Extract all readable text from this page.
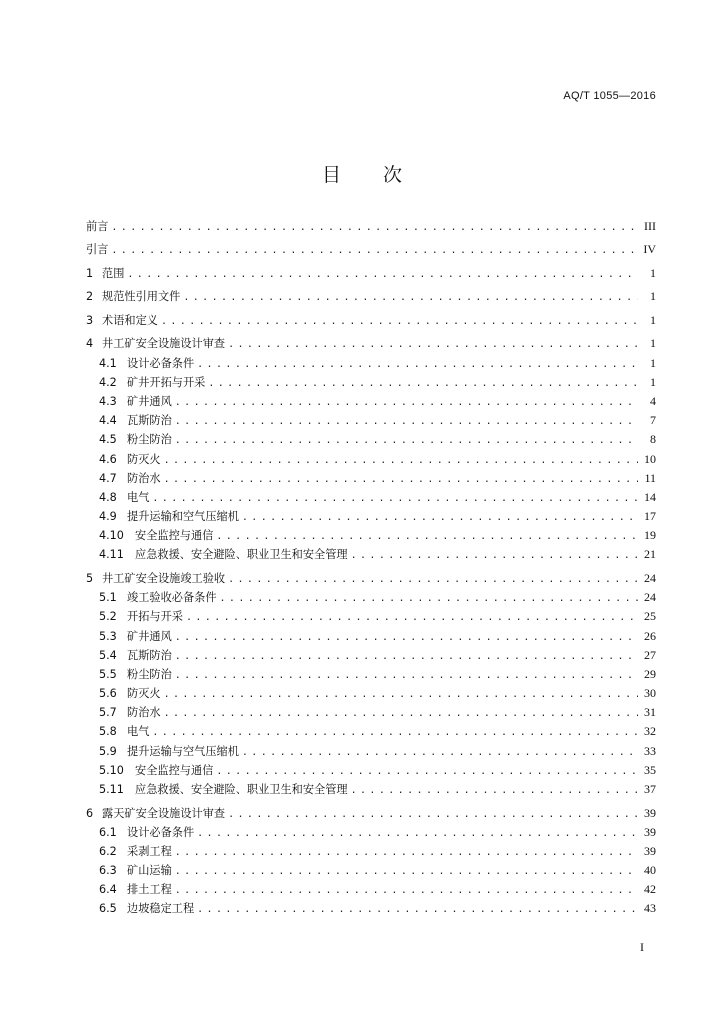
AQ/T 1055—2016
目 次
前言 .....	III
引言 .....	IV
1 范围 .....	1
2 规范性引用文件 .....	1
3 术语和定义 .....	1
4 井工矿安全设施设计审查 .....	1
4.1 设计必备条件 .....	1
4.2 矿井开拓与开采 .....	1
4.3 矿井通风 .....	4
4.4 瓦斯防治 .....	7
4.5 粉尘防治 .....	8
4.6 防灭火 .....	10
4.7 防治水 .....	11
4.8 电气 .....	14
4.9 提升运输和空气压缩机 .....	17
4.10 安全监控与通信 .....	19
4.11 应急救援、安全避险、职业卫生和安全管理 .....	21
5 井工矿安全设施竣工验收 .....	24
5.1 竣工验收必备条件 .....	24
5.2 开拓与开采 .....	25
5.3 矿井通风 .....	26
5.4 瓦斯防治 .....	27
5.5 粉尘防治 .....	29
5.6 防灭火 .....	30
5.7 防治水 .....	31
5.8 电气 .....	32
5.9 提升运输与空气压缩机 .....	33
5.10 安全监控与通信 .....	35
5.11 应急救援、安全避险、职业卫生和安全管理 .....	37
6 露天矿安全设施设计审查 .....	39
6.1 设计必备条件 .....	39
6.2 采剥工程 .....	39
6.3 矿山运输 .....	40
6.4 排土工程 .....	42
6.5 边坡稳定工程 .....	43
I
